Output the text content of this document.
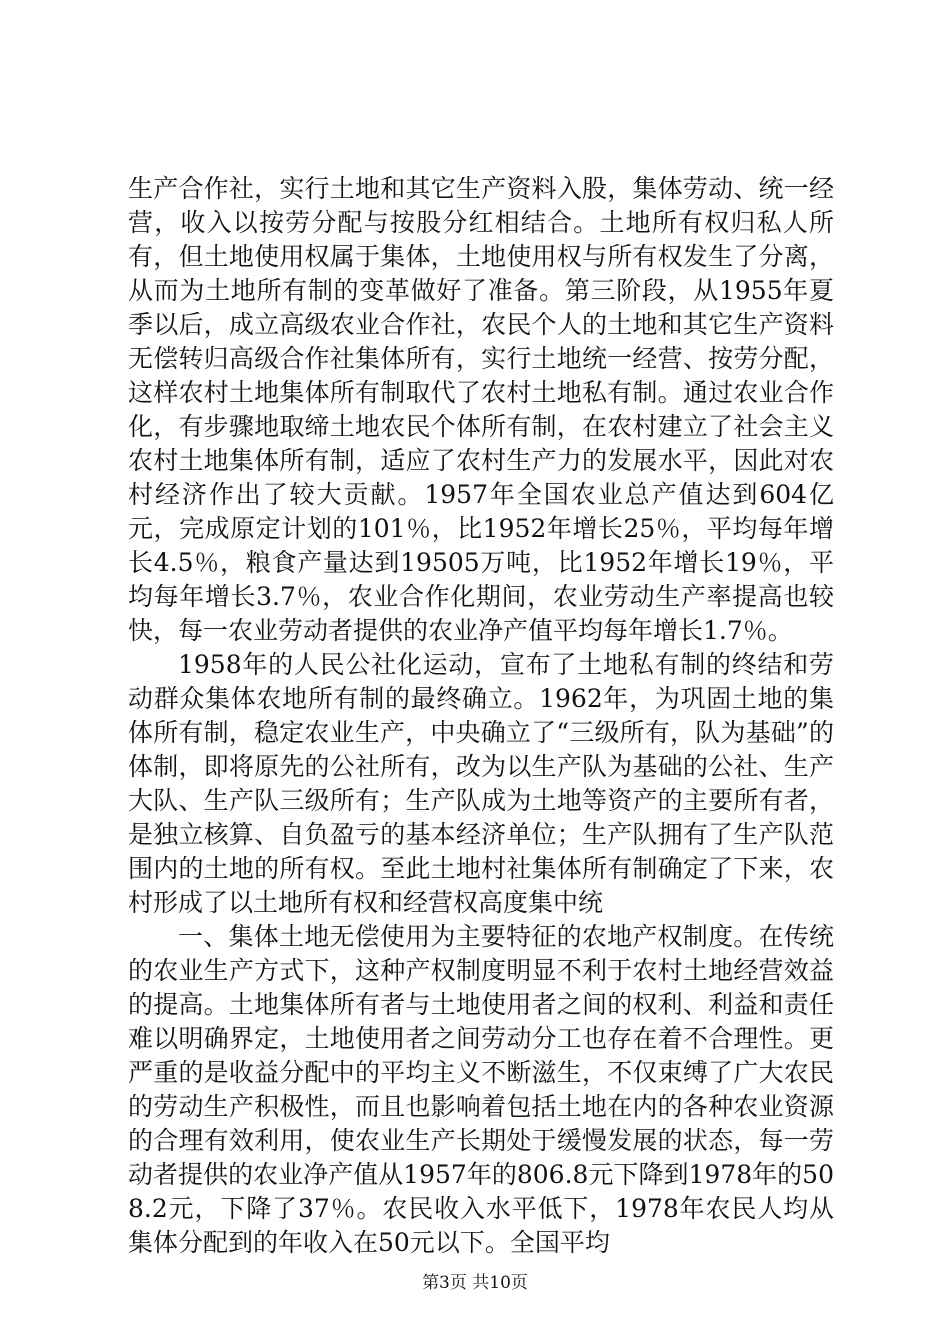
生产合作社，实行土地和其它生产资料入股，集体劳动、统一经营，收入以按劳分配与按股分红相结合。土地所有权归私人所有，但土地使用权属于集体，土地使用权与所有权发生了分离，从而为土地所有制的变革做好了准备。第三阶段，从1955年夏季以后，成立高级农业合作社，农民个人的土地和其它生产资料无偿转归高级合作社集体所有，实行土地统一经营、按劳分配，这样农村土地集体所有制取代了农村土地私有制。通过农业合作化，有步骤地取缔土地农民个体所有制，在农村建立了社会主义农村土地集体所有制，适应了农村生产力的发展水平，因此对农村经济作出了较大贡献。1957年全国农业总产值达到604亿元，完成原定计划的101％，比1952年增长25％，平均每年增长4.5％，粮食产量达到19505万吨，比1952年增长19％，平均每年增长3.7％，农业合作化期间，农业劳动生产率提高也较快，每一农业劳动者提供的农业净产值平均每年增长1.7％。

1958年的人民公社化运动，宣布了土地私有制的终结和劳动群众集体农地所有制的最终确立。1962年，为巩固土地的集体所有制，稳定农业生产，中央确立了“三级所有，队为基础”的体制，即将原先的公社所有，改为以生产队为基础的公社、生产大队、生产队三级所有；生产队成为土地等资产的主要所有者，是独立核算、自负盈亏的基本经济单位；生产队拥有了生产队范围内的土地的所有权。至此土地村社集体所有制确定了下来，农村形成了以土地所有权和经营权高度集中统

一、集体土地无偿使用为主要特征的农地产权制度。在传统的农业生产方式下，这种产权制度明显不利于农村土地经营效益的提高。土地集体所有者与土地使用者之间的权利、利益和责任难以明确界定，土地使用者之间劳动分工也存在着不合理性。更严重的是收益分配中的平均主义不断滋生，不仅束缚了广大农民的劳动生产积极性，而且也影响着包括土地在内的各种农业资源的合理有效利用，使农业生产长期处于缓慢发展的状态，每一劳动者提供的农业净产值从1957年的806.8元下降到1978年的508.2元，下降了37％。农民收入水平低下，1978年农民人均从集体分配到的年收入在50元以下。全国平均

第3页 共10页
